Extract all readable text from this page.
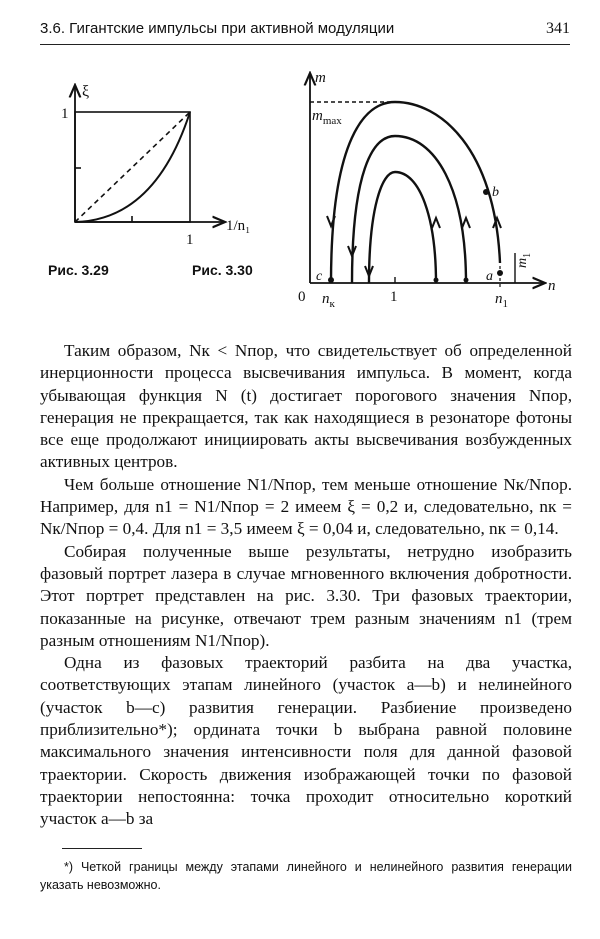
3.6. Гигантские импульсы при активной модуляции	341
ξ
1
1/n₁
1
Рис. 3.29
m
$m_{max}$
n
0 $n_к$	1	$n_1$
$m_1$
a
b
c
Рис. 3.30

Таким образом, Nк < Nпор, что свидетельствует об определенной инерционности процесса высвечивания импульса. В момент, когда убывающая функция N (t) достигает порогового значения Nпор, генерация не прекращается, так как находящиеся в резонаторе фотоны все еще продолжают инициировать акты высвечивания возбужденных активных центров.

Чем больше отношение N1/Nпор, тем меньше отношение Nк/Nпор. Например, для n1 = N1/Nпор = 2 имеем ξ = 0,2 и, следовательно, nк = Nк/Nпор = 0,4. Для n1 = 3,5 имеем ξ = 0,04 и, следовательно, nк = 0,14.

Собирая полученные выше результаты, нетрудно изобразить фазовый портрет лазера в случае мгновенного включения добротности. Этот портрет представлен на рис. 3.30. Три фазовых траектории, показанные на рисунке, отвечают трем разным значениям n1 (трем разным отношениям N1/Nпор).

Одна из фазовых траекторий разбита на два участка, соответствующих этапам линейного (участок a—b) и нелинейного (участок b—c) развития генерации. Разбиение произведено приблизительно*); ордината точки b выбрана равной половине максимального значения интенсивности поля для данной фазовой траектории. Скорость движения изображающей точки по фазовой траектории непостоянна: точка проходит относительно короткий участок a—b за

*) Четкой границы между этапами линейного и нелинейного развития генерации указать невозможно.
